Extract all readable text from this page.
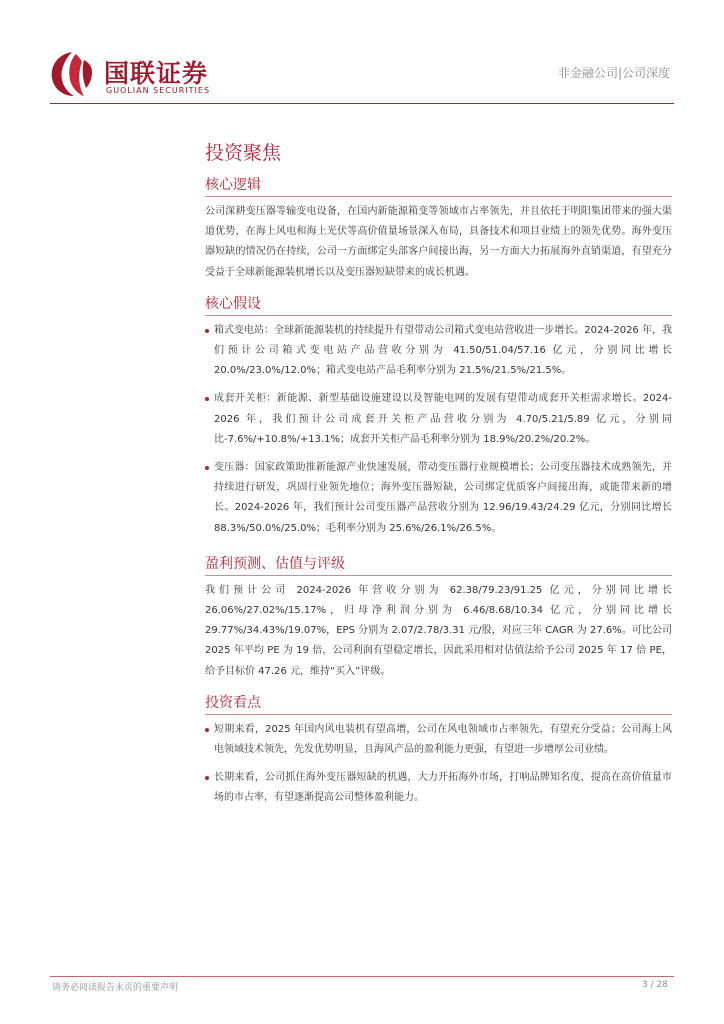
国联证券
GUOLIAN SECURITIES
非金融公司|公司深度
投资聚焦
核心逻辑

公司深耕变压器等输变电设备，在国内新能源箱变等领域市占率领先，并且依托于明阳集团带来的强大渠道优势，在海上风电和海上光伏等高价值量场景深入布局，具备技术和项目业绩上的领先优势。海外变压器短缺的情况仍在持续，公司一方面绑定头部客户间接出海，另一方面大力拓展海外直销渠道，有望充分受益于全球新能源装机增长以及变压器短缺带来的成长机遇。

核心假设
箱式变电站：全球新能源装机的持续提升有望带动公司箱式变电站营收进一步增长。2024-2026 年，我们预计公司箱式变电站产品营收分别为 41.50/51.04/57.16 亿元，分别同比增长 20.0%/23.0%/12.0%；箱式变电站产品毛利率分别为 21.5%/21.5%/21.5%。
成套开关柜：新能源、新型基础设施建设以及智能电网的发展有望带动成套开关柜需求增长。2024-2026 年，我们预计公司成套开关柜产品营收分别为 4.70/5.21/5.89 亿元，分别同比-7.6%/+10.8%/+13.1%；成套开关柜产品毛利率分别为 18.9%/20.2%/20.2%。
变压器：国家政策助推新能源产业快速发展，带动变压器行业规模增长；公司变压器技术成熟领先，并持续进行研发，巩固行业领先地位；海外变压器短缺，公司绑定优质客户间接出海，或能带来新的增长。2024-2026 年，我们预计公司变压器产品营收分别为 12.96/19.43/24.29 亿元，分别同比增长 88.3%/50.0%/25.0%；毛利率分别为 25.6%/26.1%/26.5%。
盈利预测、估值与评级

我们预计公司 2024-2026 年营收分别为 62.38/79.23/91.25 亿元，分别同比增长 26.06%/27.02%/15.17%，归母净利润分别为 6.46/8.68/10.34 亿元，分别同比增长 29.77%/34.43%/19.07%，EPS 分别为 2.07/2.78/3.31 元/股，对应三年 CAGR 为 27.6%。可比公司 2025 年平均 PE 为 19 倍，公司利润有望稳定增长，因此采用相对估值法给予公司 2025 年 17 倍 PE，给予目标价 47.26 元，维持“买入”评级。

投资看点
短期来看，2025 年国内风电装机有望高增，公司在风电领域市占率领先，有望充分受益；公司海上风电领域技术领先，先发优势明显，且海风产品的盈利能力更强，有望进一步增厚公司业绩。
长期来看，公司抓住海外变压器短缺的机遇，大力开拓海外市场，打响品牌知名度，提高在高价值量市场的市占率，有望逐渐提高公司整体盈利能力。
请务必阅读报告末页的重要声明	3 / 28
